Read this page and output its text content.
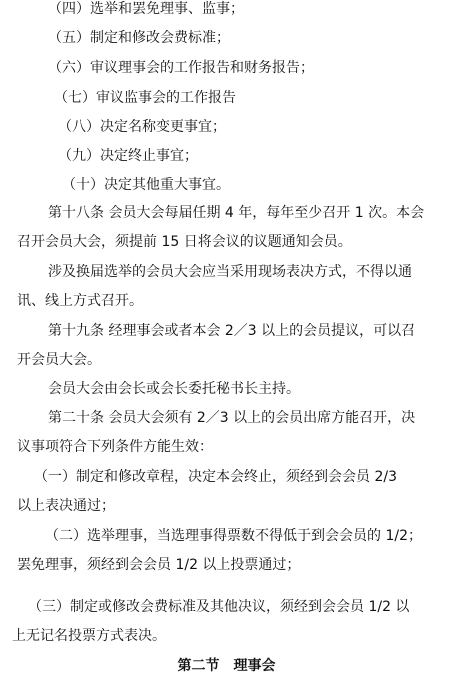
（四）选举和罢免理事、监事；
（五）制定和修改会费标准；
（六）审议理事会的工作报告和财务报告；
（七）审议监事会的工作报告
（八）决定名称变更事宜；
（九）决定终止事宜；
（十）决定其他重大事宜。
第十八条 会员大会每届任期 4 年，每年至少召开 1 次。本会
召开会员大会，须提前 15 日将会议的议题通知会员。
涉及换届选举的会员大会应当采用现场表决方式，不得以通
讯、线上方式召开。
第十九条 经理事会或者本会 2／3 以上的会员提议，可以召
开会员大会。
会员大会由会长或会长委托秘书长主持。
第二十条 会员大会须有 2／3 以上的会员出席方能召开，决
议事项符合下列条件方能生效：
（一）制定和修改章程，决定本会终止，须经到会会员 2/3
以上表决通过；
（二）选举理事，当选理事得票数不得低于到会会员的 1/2；
罢免理事，须经到会会员 1/2 以上投票通过；
（三）制定或修改会费标准及其他决议，须经到会会员 1/2 以
上无记名投票方式表决。
第二节　理事会
